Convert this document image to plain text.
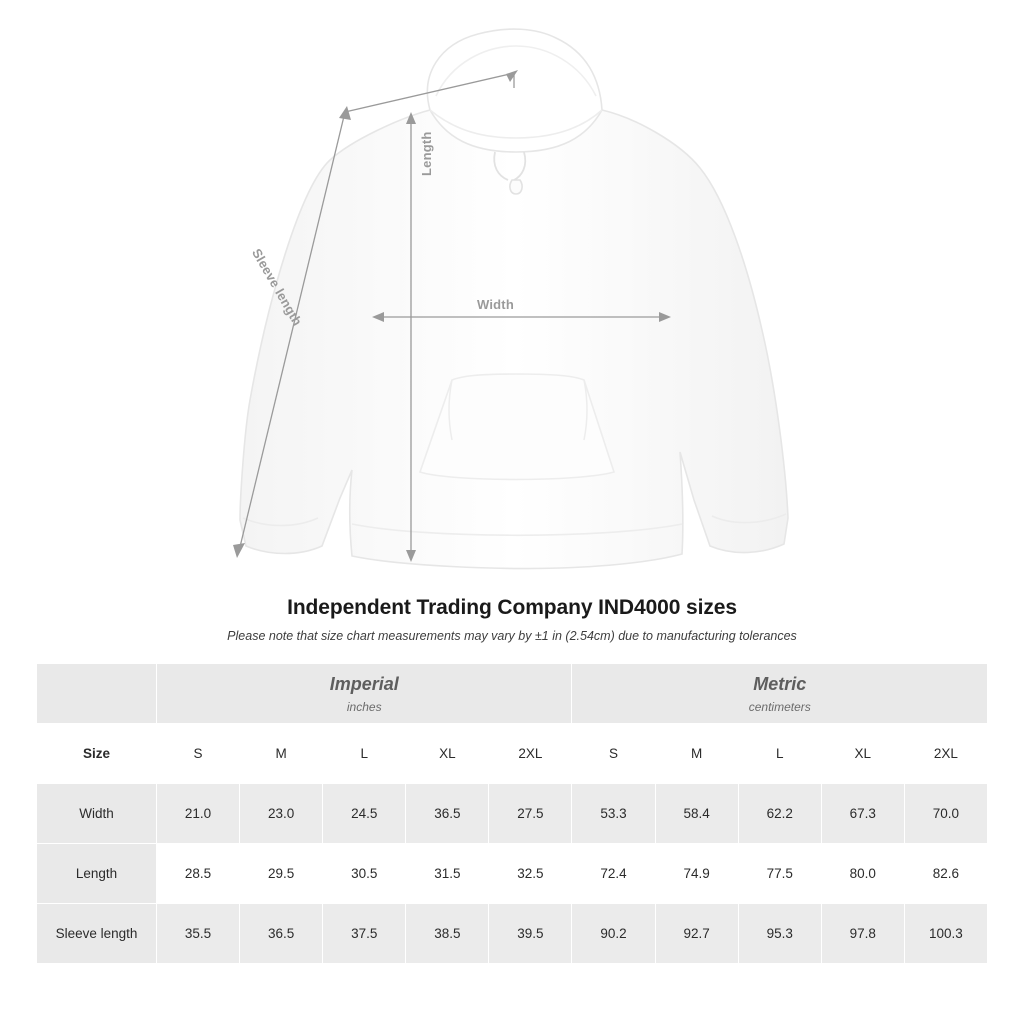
Length
Width
Sleeve length
Independent Trading Company IND4000 sizes
Please note that size chart measurements may vary by ±1 in (2.54cm) due to manufacturing tolerances

	Imperial
inches					Metric
centimeters				

Size	S	M	L	XL	2XL	S	M	L	XL	2XL
Width	21.0	23.0	24.5	36.5	27.5	53.3	58.4	62.2	67.3	70.0
Length	28.5	29.5	30.5	31.5	32.5	72.4	74.9	77.5	80.0	82.6
Sleeve length	35.5	36.5	37.5	38.5	39.5	90.2	92.7	95.3	97.8	100.3
